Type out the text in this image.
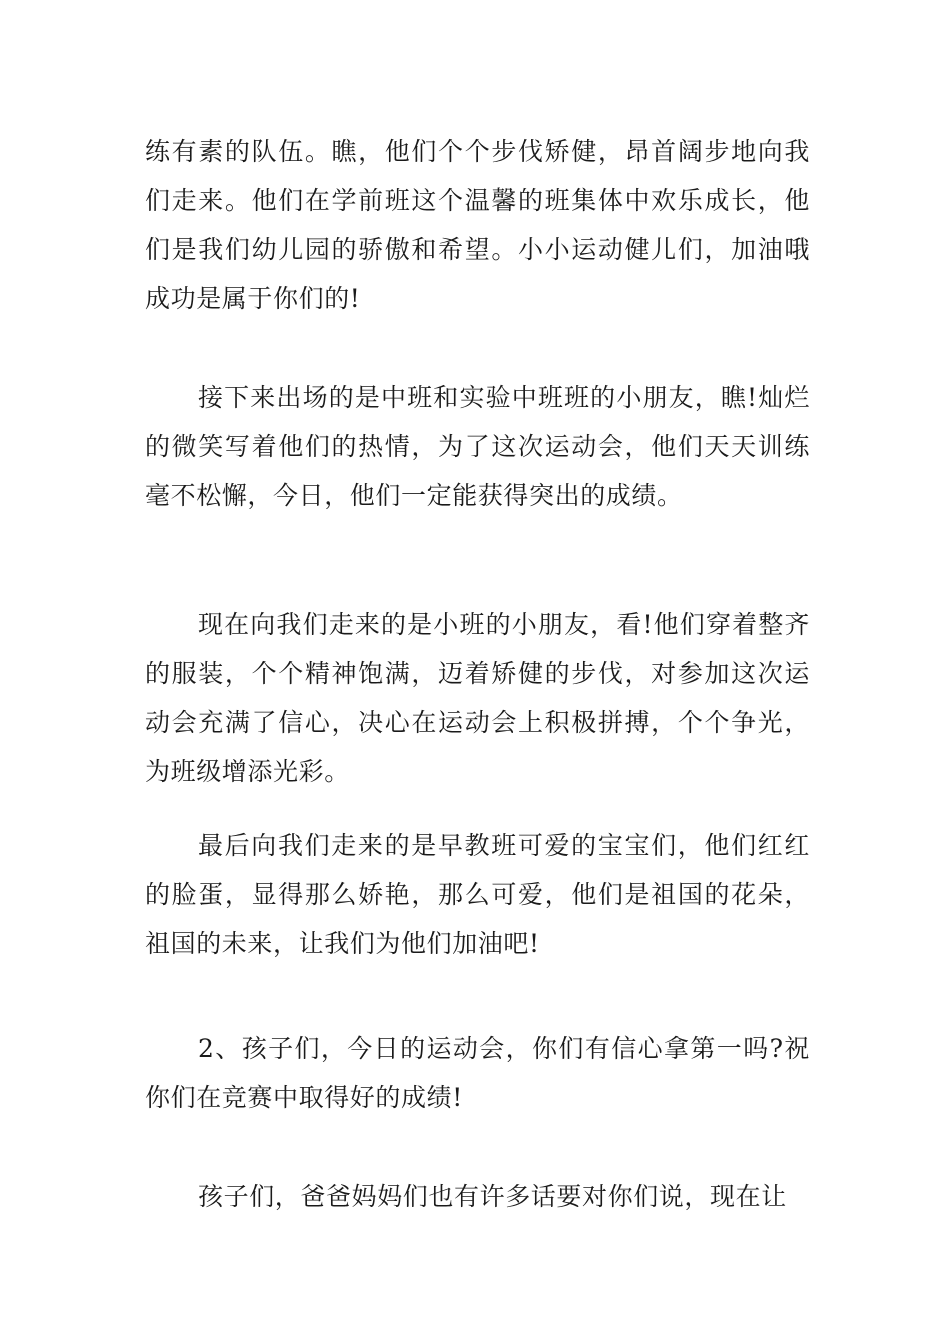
练有素的队伍。瞧，他们个个步伐矫健，昂首阔步地向我们走来。他们在学前班这个温馨的班集体中欢乐成长，他们是我们幼儿园的骄傲和希望。小小运动健儿们，加油哦成功是属于你们的!

接下来出场的是中班和实验中班班的小朋友，瞧!灿烂的微笑写着他们的热情，为了这次运动会，他们天天训练毫不松懈，今日，他们一定能获得突出的成绩。

现在向我们走来的是小班的小朋友，看!他们穿着整齐的服装，个个精神饱满，迈着矫健的步伐，对参加这次运动会充满了信心，决心在运动会上积极拼搏，个个争光，为班级增添光彩。

最后向我们走来的是早教班可爱的宝宝们，他们红红的脸蛋，显得那么娇艳，那么可爱，他们是祖国的花朵，祖国的未来，让我们为他们加油吧!

2、孩子们，今日的运动会，你们有信心拿第一吗?祝你们在竞赛中取得好的成绩!

孩子们，爸爸妈妈们也有许多话要对你们说，现在让
